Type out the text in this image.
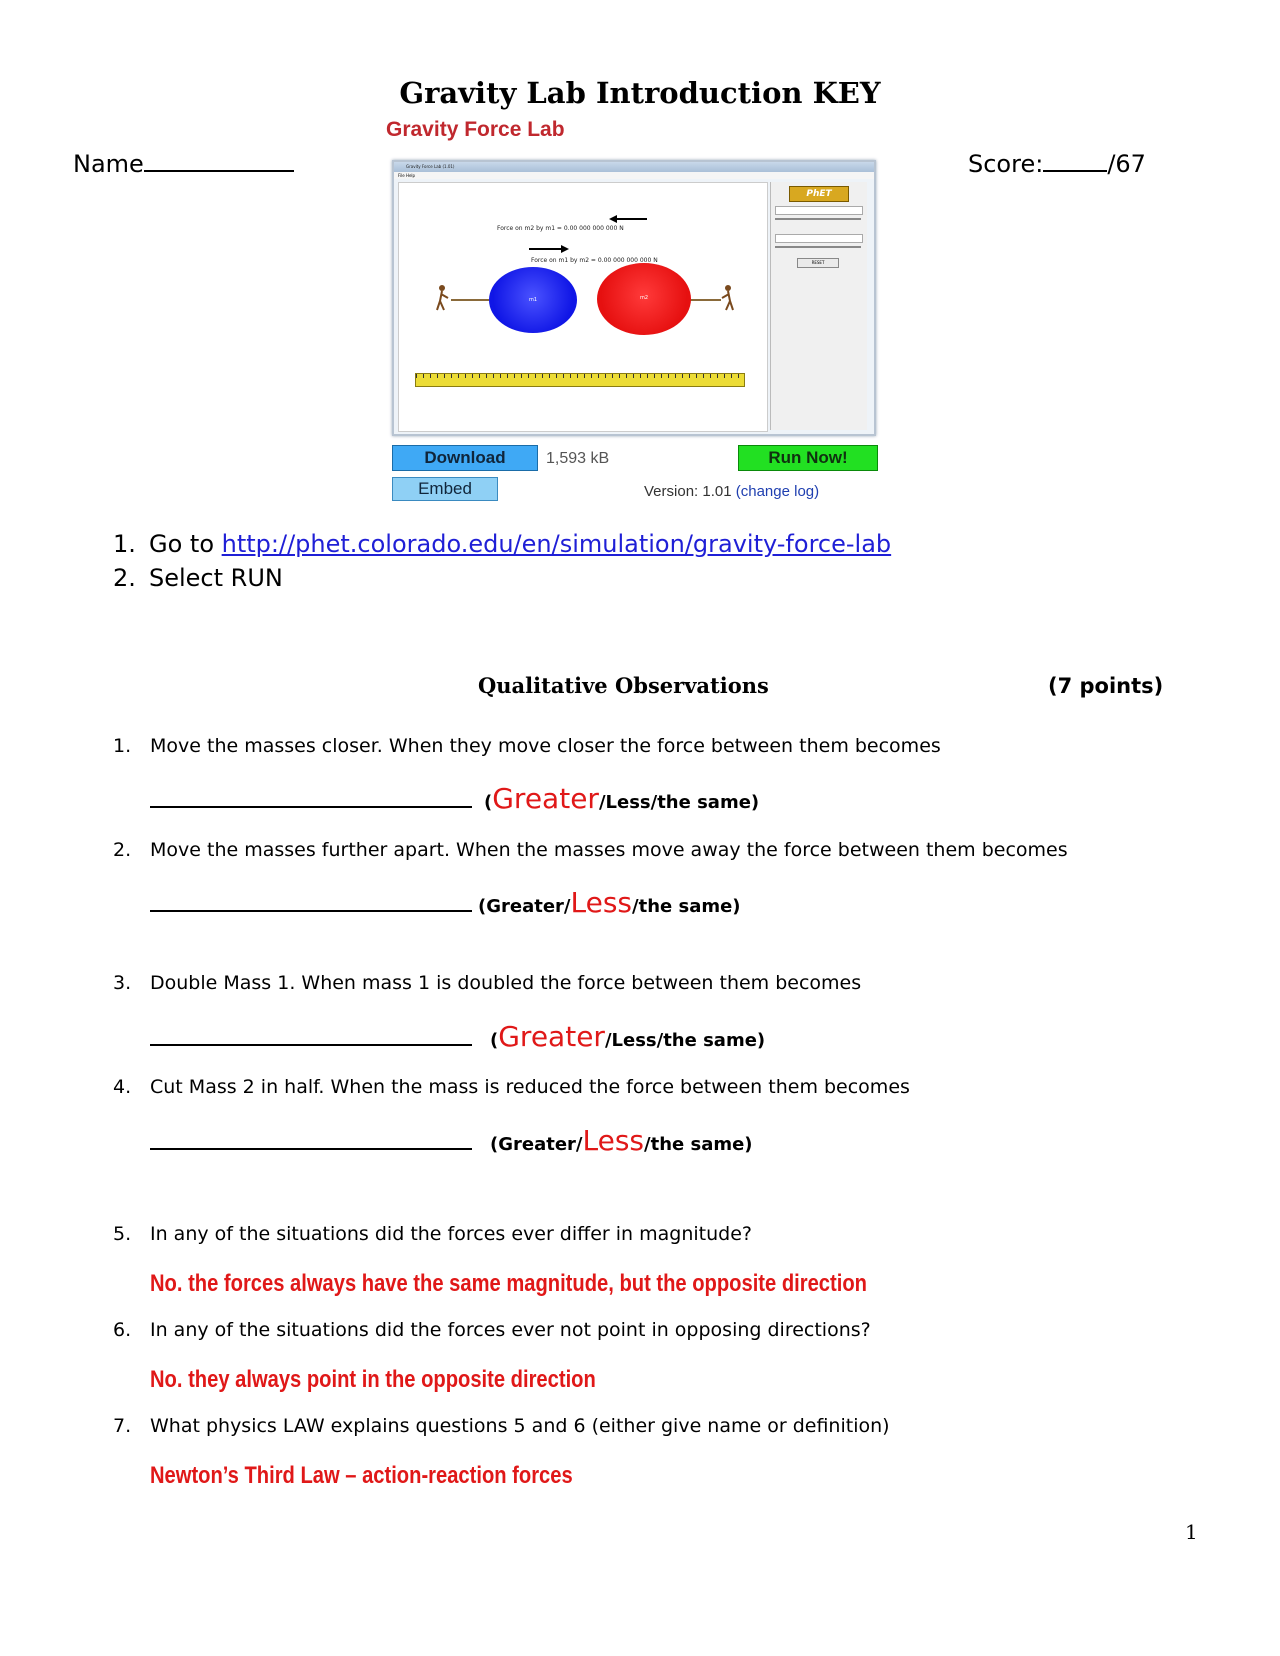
Gravity Lab Introduction KEY
Name	Score:	/67
Gravity Force Lab
Gravity Force Lab (1.01)
File Help
Force on m2 by m1 = 0.00 000 000 000 N
Force on m1 by m2 = 0.00 000 000 000 N
m1	m2
PhET
RESET
Download	1,593 kB	Run Now!
Embed	Version: 1.01 (change log)
1. Go to http://phet.colorado.edu/en/simulation/gravity-force-lab
2. Select RUN
Qualitative Observations	(7 points)
1. Move the masses closer. When they move closer the force between them becomes
(Greater/Less/the same)
2. Move the masses further apart. When the masses move away the force between them becomes
(Greater/Less/the same)
3. Double Mass 1. When mass 1 is doubled the force between them becomes
(Greater/Less/the same)
4. Cut Mass 2 in half. When the mass is reduced the force between them becomes
(Greater/Less/the same)
5. In any of the situations did the forces ever differ in magnitude?
No. the forces always have the same magnitude, but the opposite direction
6. In any of the situations did the forces ever not point in opposing directions?
No. they always point in the opposite direction
7. What physics LAW explains questions 5 and 6 (either give name or definition)
Newton’s Third Law – action-reaction forces
1
